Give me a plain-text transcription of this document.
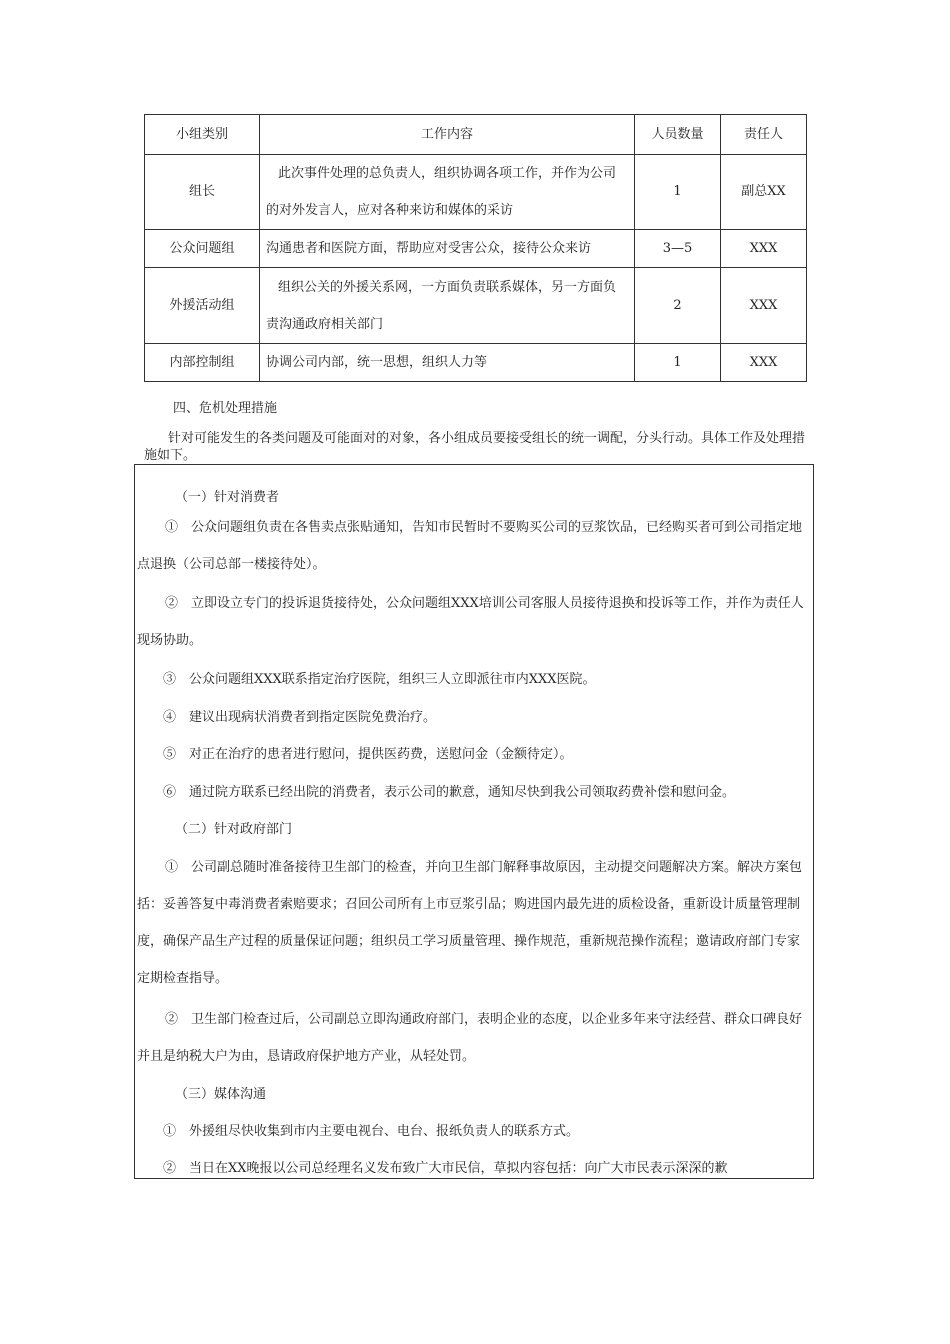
小组类别	工作内容	人员数量	责任人
组长	此次事件处理的总负责人，组织协调各项工作，并作为公司的对外发言人，应对各种来访和媒体的采访	1	副总XX
公众问题组	沟通患者和医院方面，帮助应对受害公众，接待公众来访	3—5	XXX
外援活动组	组织公关的外援关系网，一方面负责联系媒体，另一方面负责沟通政府相关部门	2	XXX
内部控制组	协调公司内部，统一思想，组织人力等	1	XXX
四、危机处理措施
针对可能发生的各类问题及可能面对的对象，各小组成员要接受组长的统一调配，分头行动。具体工作及处理措施如下。
（一）针对消费者
①　公众问题组负责在各售卖点张贴通知，告知市民暂时不要购买公司的豆浆饮品，已经购买者可到公司指定地点退换（公司总部一楼接待处）。
②　立即设立专门的投诉退货接待处，公众问题组XXX培训公司客服人员接待退换和投诉等工作，并作为责任人现场协助。
③　公众问题组XXX联系指定治疗医院，组织三人立即派往市内XXX医院。
④　建议出现病状消费者到指定医院免费治疗。
⑤　对正在治疗的患者进行慰问，提供医药费，送慰问金（金额待定）。
⑥　通过院方联系已经出院的消费者，表示公司的歉意，通知尽快到我公司领取药费补偿和慰问金。
（二）针对政府部门
①　公司副总随时准备接待卫生部门的检查，并向卫生部门解释事故原因，主动提交问题解决方案。解决方案包括：妥善答复中毒消费者索赔要求；召回公司所有上市豆浆引品；购进国内最先进的质检设备，重新设计质量管理制度，确保产品生产过程的质量保证问题；组织员工学习质量管理、操作规范，重新规范操作流程；邀请政府部门专家定期检查指导。
②　卫生部门检查过后，公司副总立即沟通政府部门，表明企业的态度，以企业多年来守法经营、群众口碑良好并且是纳税大户为由，恳请政府保护地方产业，从轻处罚。
（三）媒体沟通
①　外援组尽快收集到市内主要电视台、电台、报纸负责人的联系方式。
②　当日在XX晚报以公司总经理名义发布致广大市民信，草拟内容包括：向广大市民表示深深的歉
